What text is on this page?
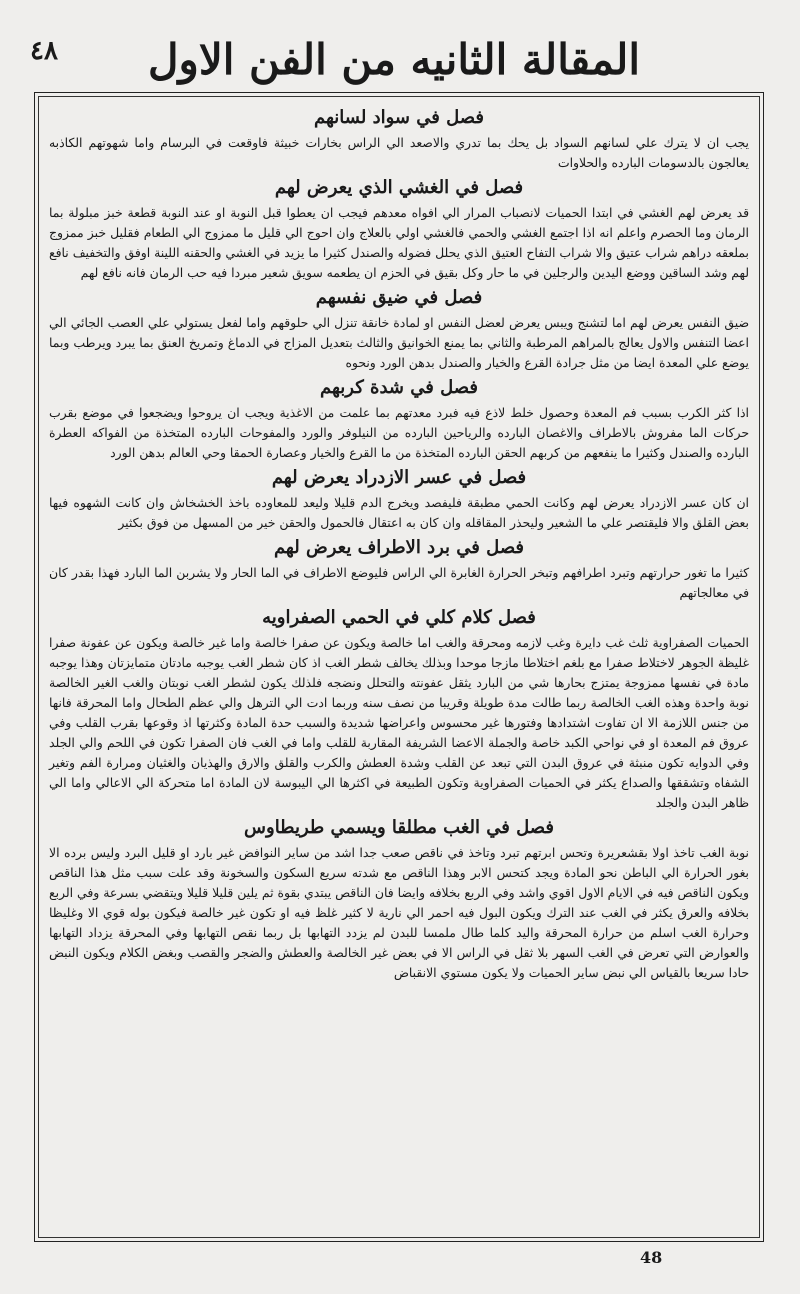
المقالة الثانيه من الفن الاول
٤٨
فصل في سواد لسانهم

يجب ان لا يترك علي لسانهم السواد بل يحك بما تدري والاصعد الي الراس بخارات خبيثة فاوقعت في البرسام واما شهوتهم الكاذبه يعالجون بالدسومات البارده والحلاوات

فصل في الغشي الذي يعرض لهم

قد يعرض لهم الغشي في ابتدا الحميات لانصباب المرار الي افواه معدهم فيجب ان يعطوا قبل النوبة او عند النوبة قطعة خبز مبلولة بما الرمان وما الحصرم واعلم انه اذا اجتمع الغشي والحمي فالغشي اولي بالعلاج وان احوج الي قليل ما ممزوج الي الطعام فقليل خبز ممزوج بملعقه دراهم شراب عتيق والا شراب التفاح العتيق الذي يحلل فضوله والصندل كثيرا ما يزيد في الغشي والحقنه اللينة اوفق والتخفيف نافع لهم وشد الساقين ووضع اليدين والرجلين في ما حار وكل بقيق في الحزم ان يطعمه سويق شعير مبردا فيه حب الرمان فانه نافع لهم

فصل في ضيق نفسهم

ضيق النفس يعرض لهم اما لتشنج ويبس يعرض لعضل النفس او لمادة خانقة تنزل الي حلوقهم واما لفعل يستولي علي العصب الجائي الي اعضا التنفس والاول يعالج بالمراهم المرطبة والثاني بما يمنع الخوانيق والثالث بتعديل المزاج في الدماغ وتمريخ العنق بما يبرد ويرطب وبما يوضع علي المعدة ايضا من مثل جرادة القرع والخيار والصندل بدهن الورد ونحوه

فصل في شدة كربهم

اذا كثر الكرب بسبب فم المعدة وحصول خلط لاذع فيه فبرد معدتهم بما علمت من الاغذية ويجب ان يروحوا ويضجعوا في موضع بقرب حركات الما مفروش بالاطراف والاغصان البارده والرياحين البارده من النيلوفر والورد والمفوحات البارده المتخذة من الفواكه العطرة البارده والصندل وكثيرا ما ينفعهم من كربهم الحقن البارده المتخذة من ما القرع والخيار وعصارة الحمقا وحي العالم بدهن الورد

فصل في عسر الازدراد يعرض لهم

ان كان عسر الازدراد يعرض لهم وكانت الحمي مطبقة فليفصد ويخرج الدم قليلا وليعد للمعاوده باخذ الخشخاش وان كانت الشهوه فيها بعض القلق والا فليقتصر علي ما الشعير وليحذر المقاقله وان كان به اعتقال فالحمول والحقن خير من المسهل من فوق بكثير

فصل في برد الاطراف يعرض لهم

كثيرا ما تغور حرارتهم وتبرد اطرافهم وتبخر الحرارة الغابرة الي الراس فليوضع الاطراف في الما الحار ولا يشربن الما البارد فهذا بقدر كان في معالجاتهم

فصل كلام كلي في الحمي الصفراويه

الحميات الصفراوية ثلث غب دايرة وغب لازمه ومحرقة والغب اما خالصة ويكون عن صفرا خالصة واما غير خالصة ويكون عن عفونة صفرا غليظة الجوهر لاختلاط صفرا مع بلغم اختلاطا مازجا موحدا وبذلك يخالف شطر الغب اذ كان شطر الغب يوجبه مادتان متمايزتان وهذا يوجبه مادة في نفسها ممزوجة يمتزج بحارها شي من البارد يثقل عفونته والتحلل ونضجه فلذلك يكون لشطر الغب نوبتان والغب الغير الخالصة نوبة واحدة وهذه الغب الخالصة ربما طالت مدة طويلة وقريبا من نصف سنه وربما ادت الي الترهل والي عظم الطحال واما المحرقة فانها من جنس اللازمة الا ان تفاوت اشتدادها وفتورها غير محسوس واعراضها شديدة والسبب حدة المادة وكثرتها اذ وقوعها بقرب القلب وفي عروق فم المعدة او في نواحي الكبد خاصة والجملة الاعضا الشريفة المقاربة للقلب واما في الغب فان الصفرا تكون في اللحم والي الجلد وفي الدوايه تكون منبثة في عروق البدن التي تبعد عن القلب وشدة العطش والكرب والقلق والارق والهذيان والغثيان ومرارة الفم وتغير الشفاه وتشققها والصداع يكثر في الحميات الصفراوية وتكون الطبيعة في اكثرها الي اليبوسة لان المادة اما متحركة الي الاعالي واما الي ظاهر البدن والجلد

فصل في الغب مطلقا ويسمي طريطاوس

نوبة الغب تاخذ اولا بقشعريرة وتحس ابرتهم تبرد وتاخذ في ناقص صعب جدا اشد من ساير النوافض غير بارد او قليل البرد وليس برده الا بغور الحرارة الي الباطن نحو المادة ويجد كتحس الابر وهذا الناقص مع شدته سريع السكون والسخونة وقد علت سبب مثل هذا الناقص ويكون الناقص فيه في الايام الاول اقوي واشد وفي الربع بخلافه وايضا فان الناقص يبتدي بقوة ثم يلين قليلا قليلا ويتقضي بسرعة وفي الربع بخلافه والعرق يكثر في الغب عند الترك ويكون البول فيه احمر الي نارية لا كثير غلظ فيه او تكون غير خالصة فيكون بوله قوي الا وغليظا وحرارة الغب اسلم من حرارة المحرقة واليد كلما طال ملمسا للبدن لم يزدد التهابها بل ربما نقص التهابها وفي المحرقة يزداد التهابها والعوارض التي تعرض في الغب السهر بلا ثقل في الراس الا في بعض غير الخالصة والعطش والضجر والقصب وبغض الكلام ويكون النبض حادا سريعا بالقياس الي نبض ساير الحميات ولا يكون مستوي الانقباض

48
